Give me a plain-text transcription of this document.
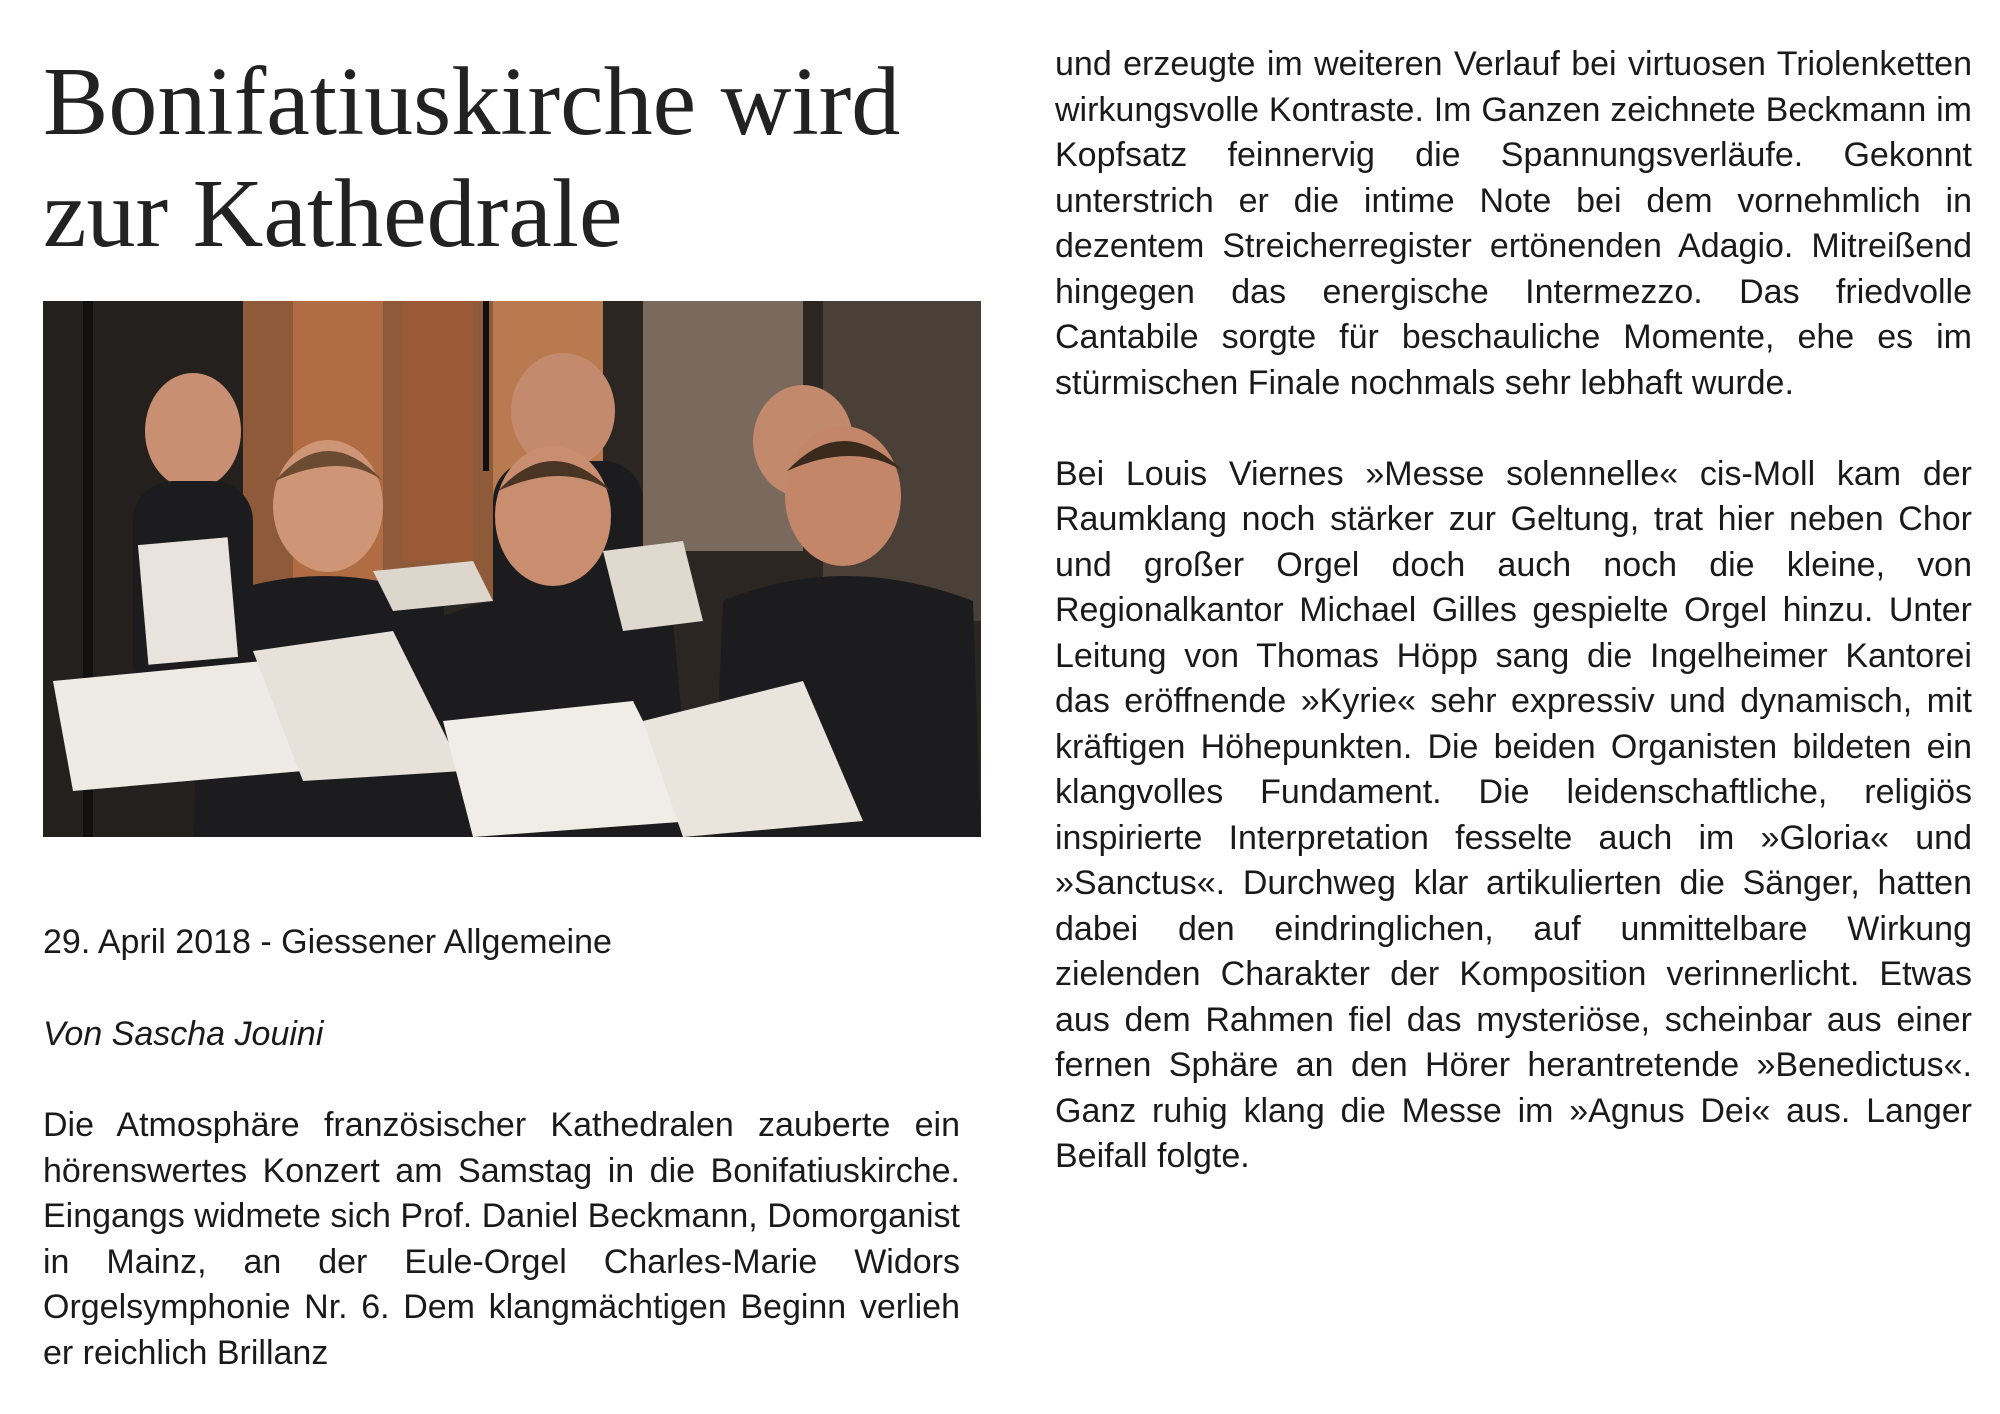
Bonifatiuskirche wird zur Kathedrale

29. April 2018 - Giessener Allgemeine

Von Sascha Jouini

Die Atmosphäre französischer Kathedralen zauberte ein hörenswertes Konzert am Samstag in die Bonifatiuskirche. Eingangs widmete sich Prof. Daniel Beckmann, Domorganist in Mainz, an der Eule-Orgel Charles-Marie Widors Orgelsymphonie Nr. 6. Dem klangmächtigen Beginn verlieh er reichlich Brillanz

und erzeugte im weiteren Verlauf bei virtuosen Triolenketten wirkungsvolle Kontraste. Im Ganzen zeichnete Beckmann im Kopfsatz feinnervig die Spannungsverläufe. Gekonnt unterstrich er die intime Note bei dem vornehmlich in dezentem Streicherregister ertönenden Adagio. Mitreißend hingegen das energische Intermezzo. Das friedvolle Cantabile sorgte für beschauliche Momente, ehe es im stürmischen Finale nochmals sehr lebhaft wurde.

Bei Louis Viernes »Messe solennelle« cis-Moll kam der Raumklang noch stärker zur Geltung, trat hier neben Chor und großer Orgel doch auch noch die kleine, von Regionalkantor Michael Gilles gespielte Orgel hinzu. Unter Leitung von Thomas Höpp sang die Ingelheimer Kantorei das eröffnende »Kyrie« sehr expressiv und dynamisch, mit kräftigen Höhepunkten. Die beiden Organisten bildeten ein klangvolles Fundament. Die leidenschaftliche, religiös inspirierte Interpretation fesselte auch im »Gloria« und »Sanctus«. Durchweg klar artikulierten die Sänger, hatten dabei den eindringlichen, auf unmittelbare Wirkung zielenden Charakter der Komposition verinnerlicht. Etwas aus dem Rahmen fiel das mysteriöse, scheinbar aus einer fernen Sphäre an den Hörer herantretende »Benedictus«. Ganz ruhig klang die Messe im »Agnus Dei« aus. Langer Beifall folgte.
